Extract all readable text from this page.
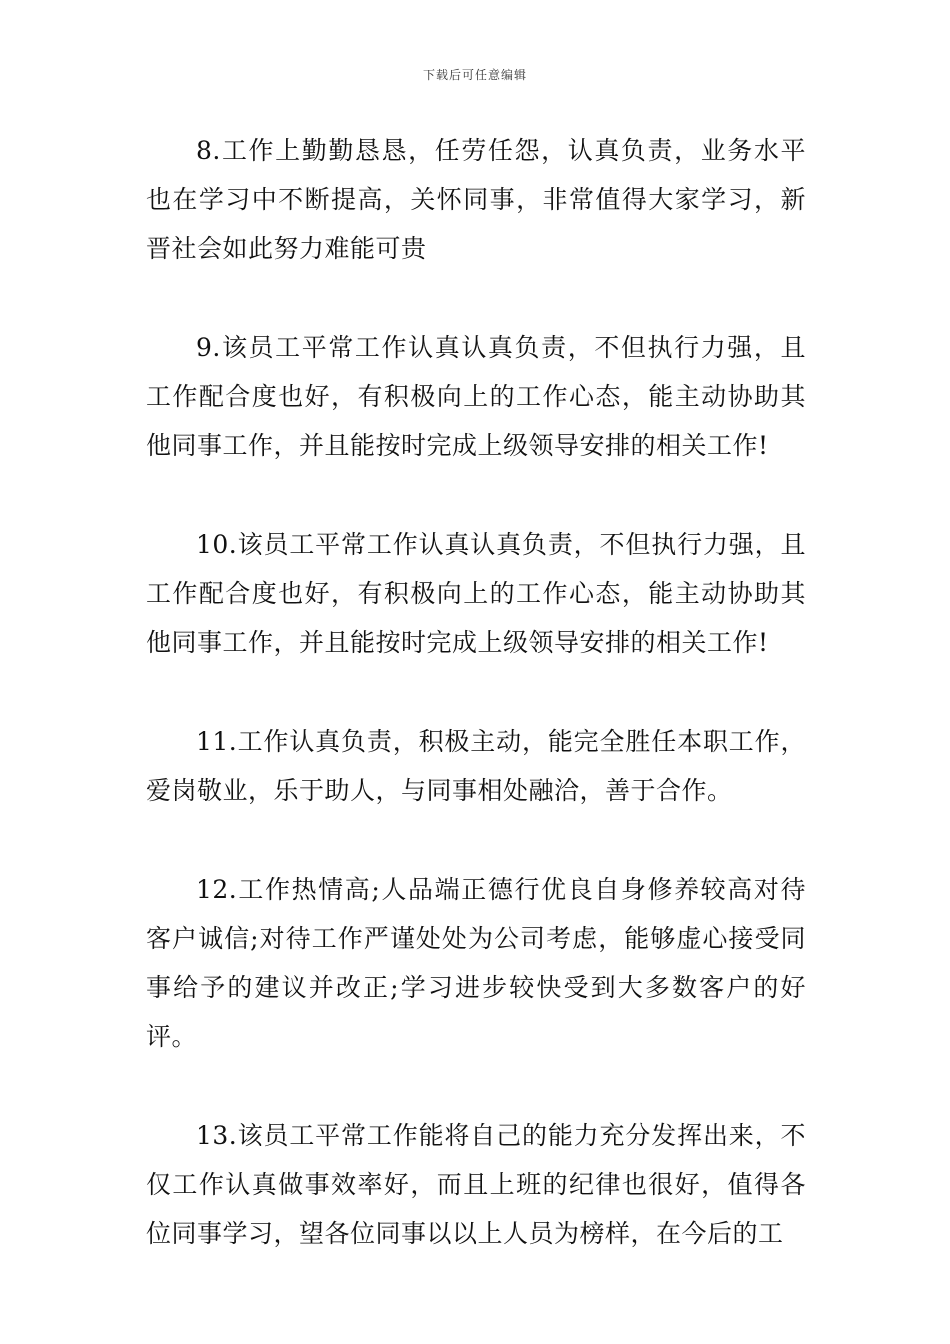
下载后可任意编辑

8.工作上勤勤恳恳，任劳任怨，认真负责，业务水平也在学习中不断提高，关怀同事，非常值得大家学习，新晋社会如此努力难能可贵

9.该员工平常工作认真认真负责，不但执行力强，且工作配合度也好，有积极向上的工作心态，能主动协助其他同事工作，并且能按时完成上级领导安排的相关工作!

10.该员工平常工作认真认真负责，不但执行力强，且工作配合度也好，有积极向上的工作心态，能主动协助其他同事工作，并且能按时完成上级领导安排的相关工作!

11.工作认真负责，积极主动，能完全胜任本职工作，爱岗敬业，乐于助人，与同事相处融洽，善于合作。

12.工作热情高;人品端正德行优良自身修养较高对待客户诚信;对待工作严谨处处为公司考虑，能够虚心接受同事给予的建议并改正;学习进步较快受到大多数客户的好评。

13.该员工平常工作能将自己的能力充分发挥出来，不仅工作认真做事效率好，而且上班的纪律也很好，值得各位同事学习，望各位同事以以上人员为榜样，在今后的工
